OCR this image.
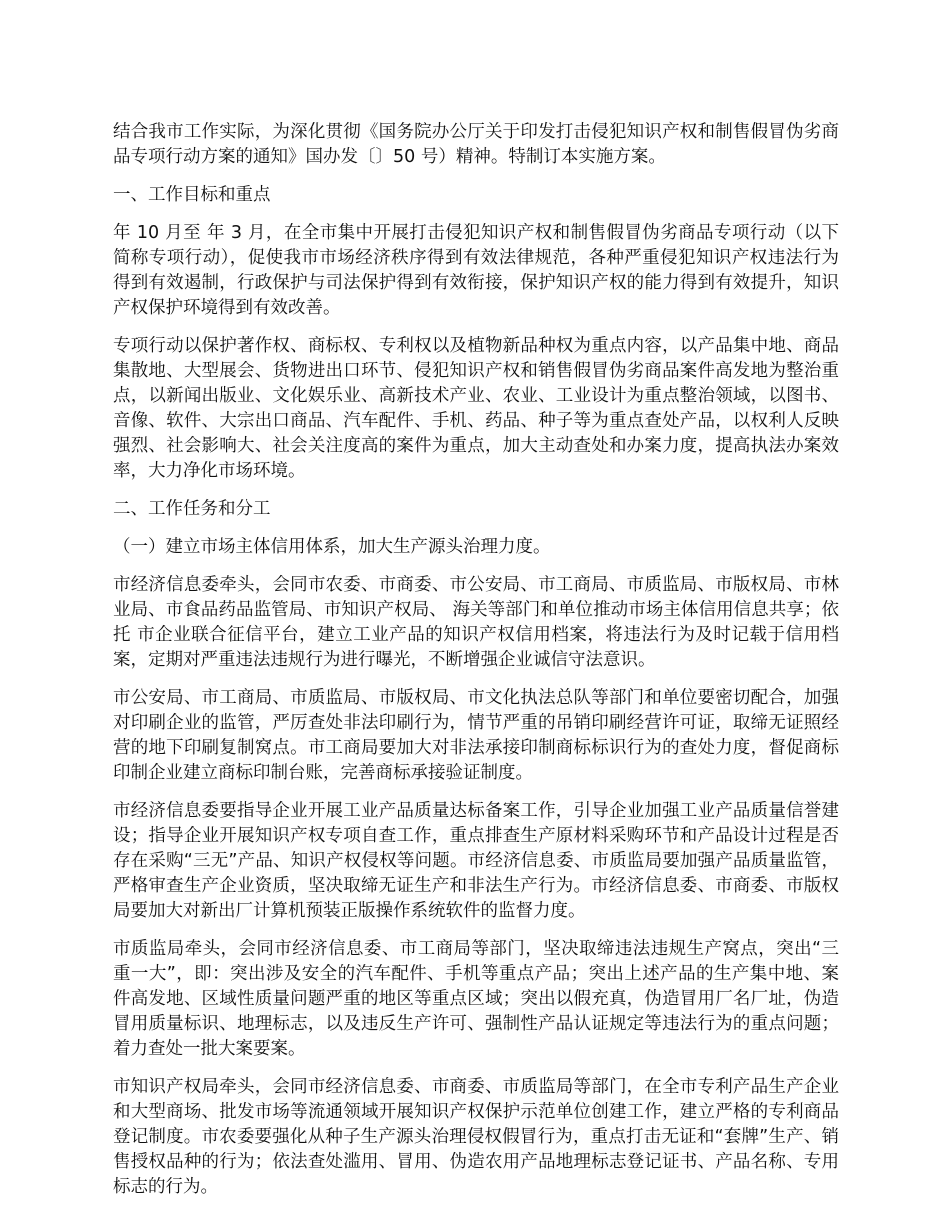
结合我市工作实际，为深化贯彻《国务院办公厅关于印发打击侵犯知识产权和制售假冒伪劣商品专项行动方案的通知》国办发〔〕50 号）精神。特制订本实施方案。

一、工作目标和重点

年 10 月至 年 3 月，在全市集中开展打击侵犯知识产权和制售假冒伪劣商品专项行动（以下简称专项行动），促使我市市场经济秩序得到有效法律规范，各种严重侵犯知识产权违法行为得到有效遏制，行政保护与司法保护得到有效衔接，保护知识产权的能力得到有效提升，知识产权保护环境得到有效改善。

专项行动以保护著作权、商标权、专利权以及植物新品种权为重点内容，以产品集中地、商品集散地、大型展会、货物进出口环节、侵犯知识产权和销售假冒伪劣商品案件高发地为整治重点，以新闻出版业、文化娱乐业、高新技术产业、农业、工业设计为重点整治领域，以图书、音像、软件、大宗出口商品、汽车配件、手机、药品、种子等为重点查处产品，以权利人反映强烈、社会影响大、社会关注度高的案件为重点，加大主动查处和办案力度，提高执法办案效率，大力净化市场环境。

二、工作任务和分工

（一）建立市场主体信用体系，加大生产源头治理力度。

市经济信息委牵头，会同市农委、市商委、市公安局、市工商局、市质监局、市版权局、市林业局、市食品药品监管局、市知识产权局、 海关等部门和单位推动市场主体信用信息共享；依托 市企业联合征信平台，建立工业产品的知识产权信用档案，将违法行为及时记载于信用档案，定期对严重违法违规行为进行曝光，不断增强企业诚信守法意识。

市公安局、市工商局、市质监局、市版权局、市文化执法总队等部门和单位要密切配合，加强对印刷企业的监管，严厉查处非法印刷行为，情节严重的吊销印刷经营许可证，取缔无证照经营的地下印刷复制窝点。市工商局要加大对非法承接印制商标标识行为的查处力度，督促商标印制企业建立商标印制台账，完善商标承接验证制度。

市经济信息委要指导企业开展工业产品质量达标备案工作，引导企业加强工业产品质量信誉建设；指导企业开展知识产权专项自查工作，重点排查生产原材料采购环节和产品设计过程是否存在采购“三无”产品、知识产权侵权等问题。市经济信息委、市质监局要加强产品质量监管，严格审查生产企业资质，坚决取缔无证生产和非法生产行为。市经济信息委、市商委、市版权局要加大对新出厂计算机预装正版操作系统软件的监督力度。

市质监局牵头，会同市经济信息委、市工商局等部门，坚决取缔违法违规生产窝点，突出“三重一大”，即：突出涉及安全的汽车配件、手机等重点产品；突出上述产品的生产集中地、案件高发地、区域性质量问题严重的地区等重点区域；突出以假充真，伪造冒用厂名厂址，伪造冒用质量标识、地理标志，以及违反生产许可、强制性产品认证规定等违法行为的重点问题；着力查处一批大案要案。

市知识产权局牵头，会同市经济信息委、市商委、市质监局等部门，在全市专利产品生产企业和大型商场、批发市场等流通领域开展知识产权保护示范单位创建工作，建立严格的专利商品登记制度。市农委要强化从种子生产源头治理侵权假冒行为，重点打击无证和“套牌”生产、销售授权品种的行为；依法查处滥用、冒用、伪造农用产品地理标志登记证书、产品名称、专用标志的行为。
